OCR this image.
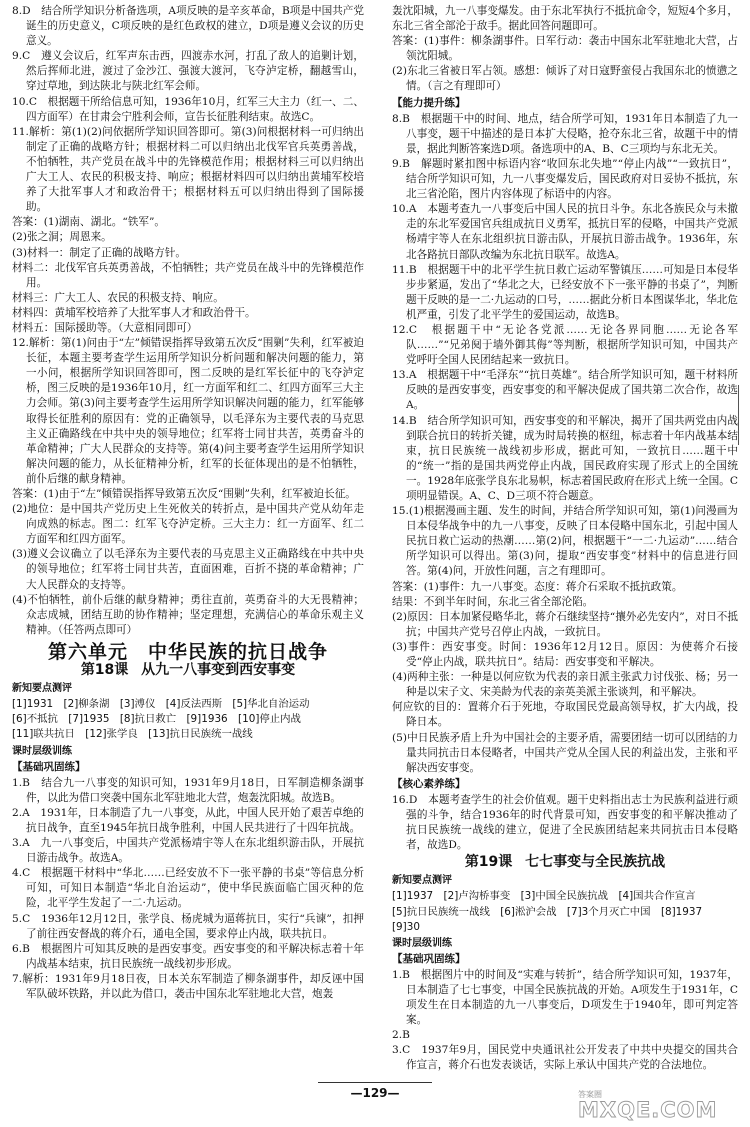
8.D　结合所学知识分析备选项，A项反映的是辛亥革命，B项是中国共产党诞生的历史意义，C项反映的是红色政权的建立，D项是遵义会议的历史意义。

9.C　遵义会议后，红军声东击西，四渡赤水河，打乱了敌人的追剿计划，然后挥师北进，渡过了金沙江、强渡大渡河，飞夺泸定桥，翻越雪山，穿过草地，到达陕北与陕北红军会师。

10.C　根据题干所给信息可知，1936年10月，红军三大主力（红一、二、四方面军）在甘肃会宁胜利会师，宣告长征胜利结束。故选C。

11.解析：第(1)(2)问依据所学知识回答即可。第(3)问根据材料一可归纳出制定了正确的战略方针；根据材料二可以归纳出北伐军官兵英勇善战，不怕牺牲，共产党员在战斗中的先锋模范作用；根据材料三可以归纳出广大工人、农民的积极支持、响应；根据材料四可以归纳出黄埔军校培养了大批军事人才和政治骨干；根据材料五可以归纳出得到了国际援助。

答案：(1)湖南、湖北。“铁军”。

(2)张之洞；周恩来。

(3)材料一：制定了正确的战略方针。

材料二：北伐军官兵英勇善战，不怕牺牲；共产党员在战斗中的先锋模范作用。

材料三：广大工人、农民的积极支持、响应。

材料四：黄埔军校培养了大批军事人才和政治骨干。

材料五：国际援助等。（大意相同即可）

12.解析：第(1)问由于“左”倾错误指挥导致第五次反“围剿”失利，红军被迫长征，本题主要考查学生运用所学知识分析问题和解决问题的能力，第一小问，根据所学知识回答即可，图二反映的是红军长征中的飞夺泸定桥，图三反映的是1936年10月，红一方面军和红二、红四方面军三大主力会师。第(3)问主要考查学生运用所学知识解决问题的能力，红军能够取得长征胜利的原因有：党的正确领导，以毛泽东为主要代表的马克思主义正确路线在中共中央的领导地位；红军将士同甘共苦，英勇奋斗的革命精神；广大人民群众的支持等。第(4)问主要考查学生运用所学知识解决问题的能力，从长征精神分析，红军的长征体现出的是不怕牺牲，前仆后继的献身精神。

答案：(1)由于“左”倾错误指挥导致第五次反“围剿”失利，红军被迫长征。

(2)地位：是中国共产党历史上生死攸关的转折点，是中国共产党从幼年走向成熟的标志。图二：红军飞夺泸定桥。三大主力：红一方面军、红二方面军和红四方面军。

(3)遵义会议确立了以毛泽东为主要代表的马克思主义正确路线在中共中央的领导地位；红军将士同甘共苦，直面困难，百折不挠的革命精神；广大人民群众的支持等。

(4)不怕牺牲，前仆后继的献身精神；勇往直前，英勇奋斗的大无畏精神；众志成城，团结互助的协作精神；坚定理想，充满信心的革命乐观主义精神。（任答两点即可）

第六单元　中华民族的抗日战争
第18课 从九一八事变到西安事变
新知要点测评
[1]1931　[2]柳条湖　[3]溥仪　[4]反法西斯　[5]华北自治运动
[6]不抵抗　[7]1935　[8]抗日救亡　[9]1936　[10]停止内战
[11]联共抗日　[12]张学良　[13]抗日民族统一战线
课时层级训练
【基础巩固练】

1.B　结合九一八事变的知识可知，1931年9月18日，日军制造柳条湖事件，以此为借口突袭中国东北军驻地北大营，炮轰沈阳城。故选B。

2.A　1931年，日本制造了九一八事变，从此，中国人民开始了艰苦卓绝的抗日战争，直至1945年抗日战争胜利，中国人民共进行了十四年抗战。

3.A　九一八事变后，中国共产党派杨靖宇等人在东北组织游击队，开展抗日游击战争。故选A。

4.C　根据题干材料中“华北……已经安放不下一张平静的书桌”等信息分析可知，可知日本制造“华北自治运动”，使中华民族面临亡国灭种的危险，北平学生发起了一二·九运动。

5.C　1936年12月12日，张学良、杨虎城为逼蒋抗日，实行“兵谏”，扣押了前往西安督战的蒋介石，通电全国，要求停止内战，联共抗日。

6.B　根据图片可知其反映的是西安事变。西安事变的和平解决标志着十年内战基本结束，抗日民族统一战线初步形成。

7.解析：1931年9月18日夜，日本关东军制造了柳条湖事件，却反诬中国军队破坏铁路，并以此为借口，袭击中国东北军驻地北大营，炮轰

轰沈阳城，九一八事变爆发。由于东北军执行不抵抗命令，短短4个多月，东北三省全部沦于敌手。据此回答问题即可。

答案：(1)事件：柳条湖事件。日军行动：袭击中国东北军驻地北大营，占领沈阳城。

(2)东北三省被日军占领。感想：倾诉了对日寇野蛮侵占我国东北的愤懑之情。（言之有理即可）

【能力提升练】

8.B　根据题干中的时间、地点，结合所学可知，1931年日本制造了九一八事变，题干中描述的是日本扩大侵略，抢夺东北三省，故题干中的情景，据此判断答案选D项。备选项中的A、B、C三项均与东北无关。

9.B　解题时紧扣图中标语内容“收回东北失地”“停止内战”“一致抗日”，结合所学知识可知，九一八事变爆发后，国民政府对日妥协不抵抗，东北三省沦陷，图片内容体现了标语中的内容。

10.A　本题考查九一八事变后中国人民的抗日斗争。东北各族民众与未撤走的东北军爱国官兵组成抗日义勇军，抵抗日军的侵略，中国共产党派杨靖宇等人在东北组织抗日游击队，开展抗日游击战争。1936年，东北各路抗日部队改编为东北抗日联军。故选A。

11.B　根据题干中的北平学生抗日救亡运动军警镇压……可知是日本侵华步步紧逼，发出了“华北之大，已经安放不下一张平静的书桌了”，判断题干反映的是一二·九运动的口号，……据此分析日本图谋华北，华北危机严重，引发了北平学生的爱国运动，故选B。

12.C　根据题干中“无论各党派……无论各界同胞……无论各军队……”“兄弟阋于墙外御其侮”等判断，根据所学知识可知，中国共产党呼吁全国人民团结起来一致抗日。

13.A　根据题干中“毛泽东”“抗日英雄”。结合所学知识可知，题干材料所反映的是西安事变，西安事变的和平解决促成了国共第二次合作，故选A。

14.B　结合所学知识可知，西安事变的和平解决，揭开了国共两党由内战到联合抗日的转折关键，成为时局转换的枢纽，标志着十年内战基本结束，抗日民族统一战线初步形成，据此可知，一致抗日……题干中的“统一”指的是国共两党停止内战，国民政府实现了形式上的全国统一。1928年底张学良东北易帜，标志着国民政府在形式上统一全国。C项明显错误。A、C、D三项不符合题意。

15.(1)根据漫画主题、发生的时间，并结合所学知识可知，第(1)问漫画为日本侵华战争中的九一八事变，反映了日本侵略中国东北，引起中国人民抗日救亡运动的热潮……第(2)问，根据题干“一二·九运动”……结合所学知识可以得出。第(3)问，提取“西安事变”材料中的信息进行回答。第(4)问，开放性问题，言之有理即可。

答案：(1)事件：九一八事变。态度：蒋介石采取不抵抗政策。

结果：不到半年时间，东北三省全部沦陷。

(2)原因：日本加紧侵略华北，蒋介石继续坚持“攘外必先安内”，对日不抵抗；中国共产党号召停止内战，一致抗日。

(3)事件：西安事变。时间：1936年12月12日。原因：为使蒋介石接受“停止内战，联共抗日”。结局：西安事变和平解决。

(4)两种主张：一种是以何应钦为代表的亲日派主张武力讨伐张、杨；另一种是以宋子文、宋美龄为代表的亲英美派主张谈判，和平解决。

何应钦的目的：置蒋介石于死地，夺取国民党最高领导权，扩大内战，投降日本。

(5)中日民族矛盾上升为中国社会的主要矛盾，需要团结一切可以团结的力量共同抗击日本侵略者，中国共产党从全国人民的利益出发，主张和平解决西安事变。

【核心素养练】

16.D　本题考查学生的社会价值观。题干史料指出志士为民族利益进行顽强的斗争，结合1936年的时代背景可知，西安事变的和平解决推动了抗日民族统一战线的建立，促进了全民族团结起来共同抗击日本侵略者，故选D。

第19课 七七事变与全民族抗战
新知要点测评
[1]1937　[2]卢沟桥事变　[3]中国全民族抗战　[4]国共合作宣言
[5]抗日民族统一战线　[6]淞沪会战　[7]3个月灭亡中国　[8]1937
[9]30
课时层级训练
【基础巩固练】

1.B　根据图片中的时间及“实难与转折”，结合所学知识可知，1937年，日本制造了七七事变，中国全民族抗战的开始。A项发生于1931年，C项发生在日本制造的九一八事变后，D项发生于1940年，即可判定答案。

2.B

3.C　1937年9月，国民党中央通讯社公开发表了中共中央提交的国共合作宣言，蒋介石也发表谈话，实际上承认中国共产党的合法地位。

—129—	答案圈
MXQE.COM
